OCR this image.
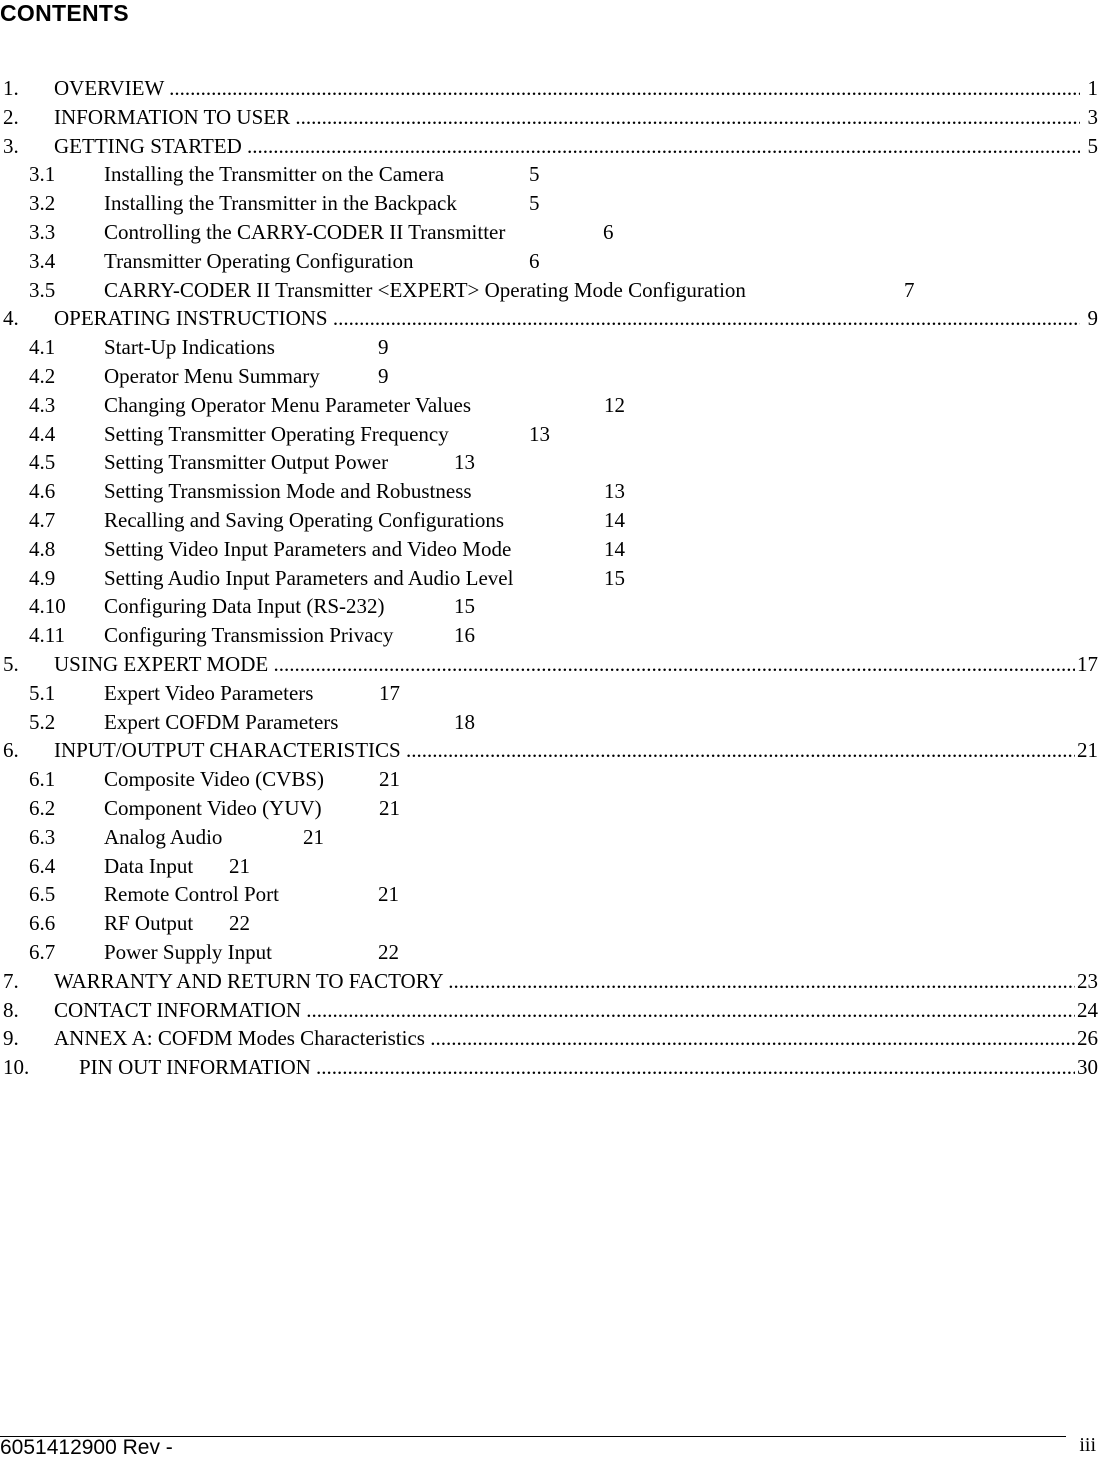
CONTENTS
1. OVERVIEW .....	1
2. INFORMATION TO USER .....	3
3. GETTING STARTED .....	5
3.1 Installing the Transmitter on the Camera	5
3.2 Installing the Transmitter in the Backpack	5
3.3 Controlling the CARRY-CODER II Transmitter	6
3.4 Transmitter Operating Configuration	6
3.5 CARRY-CODER II Transmitter <EXPERT> Operating Mode Configuration	7
4. OPERATING INSTRUCTIONS .....	9
4.1 Start-Up Indications	9
4.2 Operator Menu Summary	9
4.3 Changing Operator Menu Parameter Values	12
4.4 Setting Transmitter Operating Frequency	13
4.5 Setting Transmitter Output Power	13
4.6 Setting Transmission Mode and Robustness	13
4.7 Recalling and Saving Operating Configurations	14
4.8 Setting Video Input Parameters and Video Mode	14
4.9 Setting Audio Input Parameters and Audio Level	15
4.10 Configuring Data Input (RS-232)	15
4.11 Configuring Transmission Privacy	16
5. USING EXPERT MODE .....	17
5.1 Expert Video Parameters	17
5.2 Expert COFDM Parameters	18
6. INPUT/OUTPUT CHARACTERISTICS .....	21
6.1 Composite Video (CVBS)	21
6.2 Component Video (YUV)	21
6.3 Analog Audio	21
6.4 Data Input 21
6.5 Remote Control Port	21
6.6 RF Output 22
6.7 Power Supply Input	22
7. WARRANTY AND RETURN TO FACTORY .....	23
8. CONTACT INFORMATION .....	24
9. ANNEX A: COFDM Modes Characteristics .....	26
10. PIN OUT INFORMATION .....	30
6051412900 Rev -	iii
